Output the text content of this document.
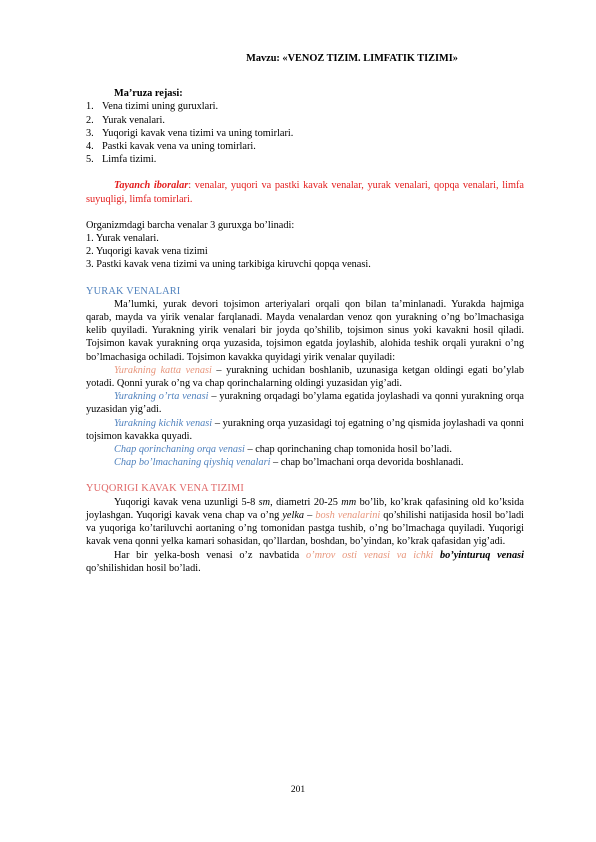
Mavzu: «VENOZ TIZIM. LIMFATIK TIZIMI»
Ma’ruza rejasi:
1. Vena tizimi uning guruxlari.
2. Yurak venalari.
3. Yuqorigi kavak vena tizimi va uning tomirlari.
4. Pastki kavak vena va uning tomirlari.
5. Limfa tizimi.

Tayanch iboralar: venalar, yuqori va pastki kavak venalar, yurak venalari, qopqa venalari, limfa suyuqligi, limfa tomirlari.

Organizmdagi barcha venalar 3 guruxga bo’linadi:
1. Yurak venalari.
2. Yuqorigi kavak vena tizimi
3. Pastki kavak vena tizimi va uning tarkibiga kiruvchi qopqa venasi.
YURAK VENALARI

Ma’lumki, yurak devori tojsimon arteriyalari orqali qon bilan ta’minlanadi. Yurakda hajmiga qarab, mayda va yirik venalar farqlanadi. Mayda venalardan venoz qon yurakning o’ng bo’lmachasiga kelib quyiladi. Yurakning yirik venalari bir joyda qo’shilib, tojsimon sinus yoki kavakni hosil qiladi. Tojsimon kavak yurakning orqa yuzasida, tojsimon egatda joylashib, alohida teshik orqali yurakni o’ng bo’lmachasiga ochiladi. Tojsimon kavakka quyidagi yirik venalar quyiladi:

Yurakning katta venasi – yurakning uchidan boshlanib, uzunasiga ketgan oldingi egati bo’ylab yotadi. Qonni yurak o’ng va chap qorinchalarning oldingi yuzasidan yig’adi.

Yurakning o’rta venasi – yurakning orqadagi bo’ylama egatida joylashadi va qonni yurakning orqa yuzasidan yig’adi.

Yurakning kichik venasi – yurakning orqa yuzasidagi toj egatning o’ng qismida joylashadi va qonni tojsimon kavakka quyadi.

Chap qorinchaning orqa venasi – chap qorinchaning chap tomonida hosil bo’ladi.

Chap bo’lmachaning qiyshiq venalari – chap bo’lmachani orqa devorida boshlanadi.

YUQORIGI KAVAK VENA TIZIMI

Yuqorigi kavak vena uzunligi 5-8 sm, diametri 20-25 mm bo’lib, ko’krak qafasining old ko’ksida joylashgan. Yuqorigi kavak vena chap va o’ng yelka – bosh venalarini qo’shilishi natijasida hosil bo’ladi va yuqoriga ko’tariluvchi aortaning o’ng tomonidan pastga tushib, o’ng bo’lmachaga quyiladi. Yuqorigi kavak vena qonni yelka kamari sohasidan, qo’llardan, boshdan, bo’yindan, ko’krak qafasidan yig’adi.

Har bir yelka-bosh venasi o’z navbatida o’mrov osti venasi va ichki bo’yinturuq venasi qo’shilishidan hosil bo’ladi.

201
